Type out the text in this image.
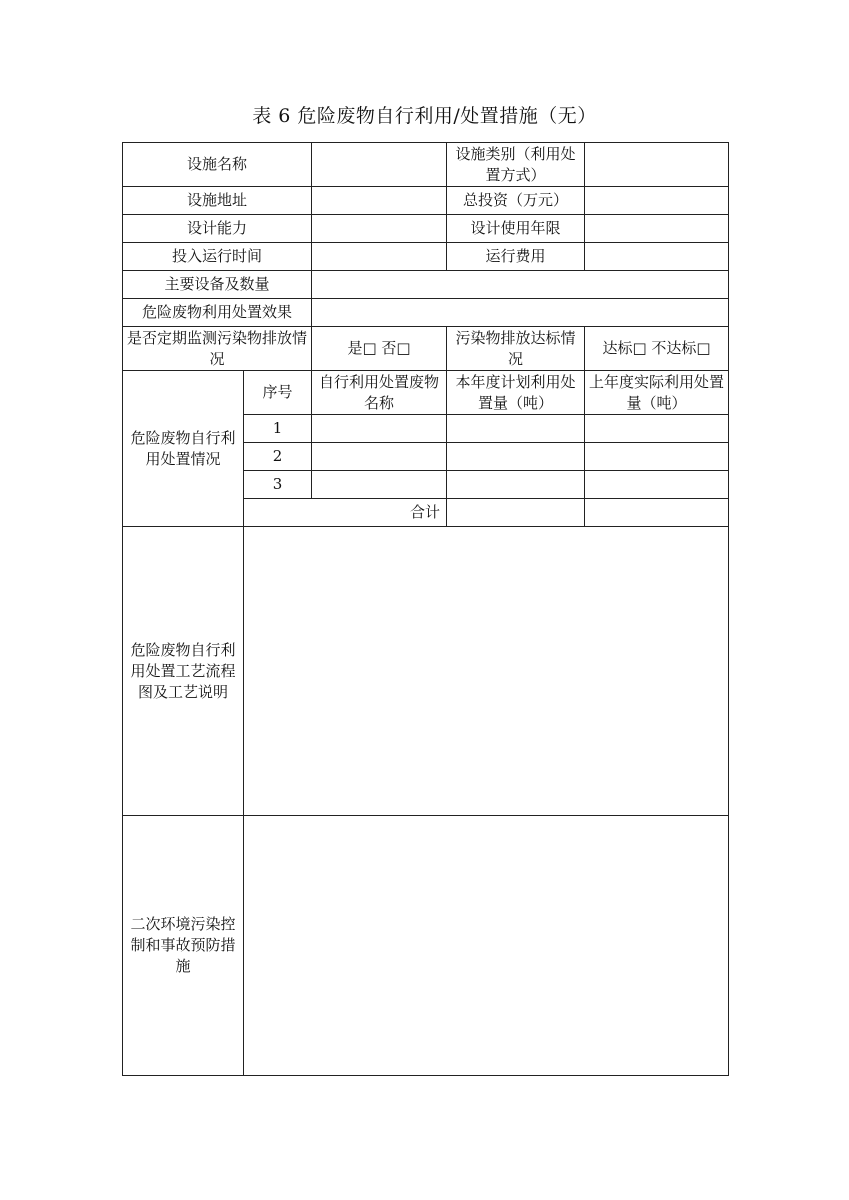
表 6 危险废物自行利用/处置措施（无）
设施名称			设施类别（利用处置方式）	
设施地址			总投资（万元）	
设计能力			设计使用年限	
投入运行时间			运行费用	
主要设备及数量				
危险废物利用处置效果				
是否定期监测污染物排放情况		是□ 否□	污染物排放达标情况	达标□ 不达标□
危险废物自行利用处置情况	序号	自行利用处置废物名称	本年度计划利用处置量（吨）	上年度实际利用处置量（吨）
	1			
	2			
	3			
	合计			
危险废物自行利用处置工艺流程图及工艺说明				
二次环境污染控制和事故预防措施				
